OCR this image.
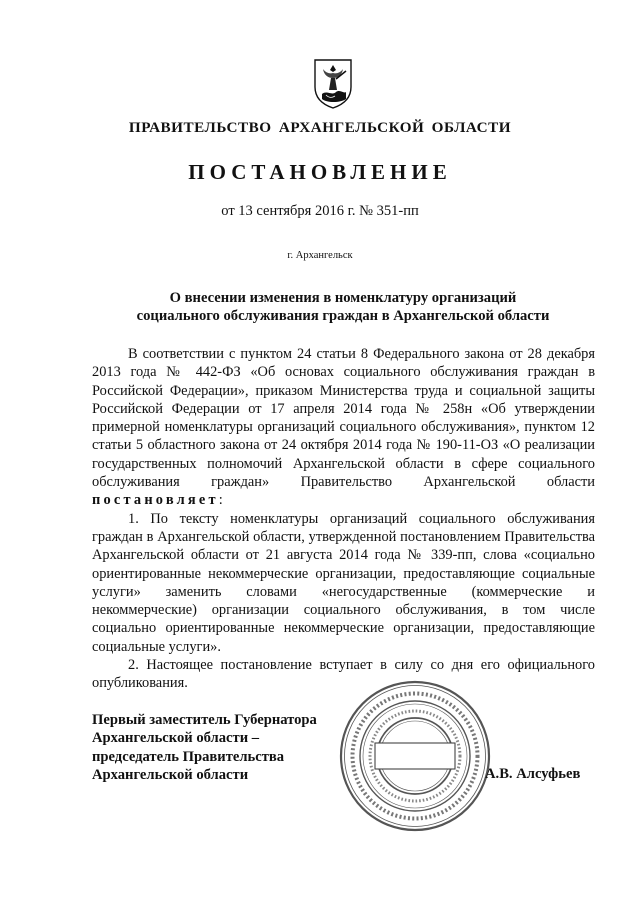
ПРАВИТЕЛЬСТВО АРХАНГЕЛЬСКОЙ ОБЛАСТИ
ПОСТАНОВЛЕНИЕ
от 13 сентября 2016 г. № 351-пп
г. Архангельск
О внесении изменения в номенклатуру организаций
социального обслуживания граждан в Архангельской области

В соответствии с пунктом 24 статьи 8 Федерального закона от 28 декабря 2013 года № 442-ФЗ «Об основах социального обслуживания граждан в Российской Федерации», приказом Министерства труда и социальной защиты Российской Федерации от 17 апреля 2014 года № 258н «Об утверждении примерной номенклатуры организаций социального обслуживания», пунктом 12 статьи 5 областного закона от 24 октября 2014 года № 190-11-ОЗ «О реализации государственных полномочий Архангельской области в сфере социального обслуживания граждан» Правительство Архангельской области постановляет:

1. По тексту номенклатуры организаций социального обслуживания граждан в Архангельской области, утвержденной постановлением Правительства Архангельской области от 21 августа 2014 года № 339-пп, слова «социально ориентированные некоммерческие организации, предоставляющие социальные услуги» заменить словами «негосударственные (коммерческие и некоммерческие) организации социального обслуживания, в том числе социально ориентированные некоммерческие организации, предоставляющие социальные услуги».

2. Настоящее постановление вступает в силу со дня его официального опубликования.

Первый заместитель Губернатора
Архангельской области –
председатель Правительства
Архангельской области	А.В. Алсуфьев
